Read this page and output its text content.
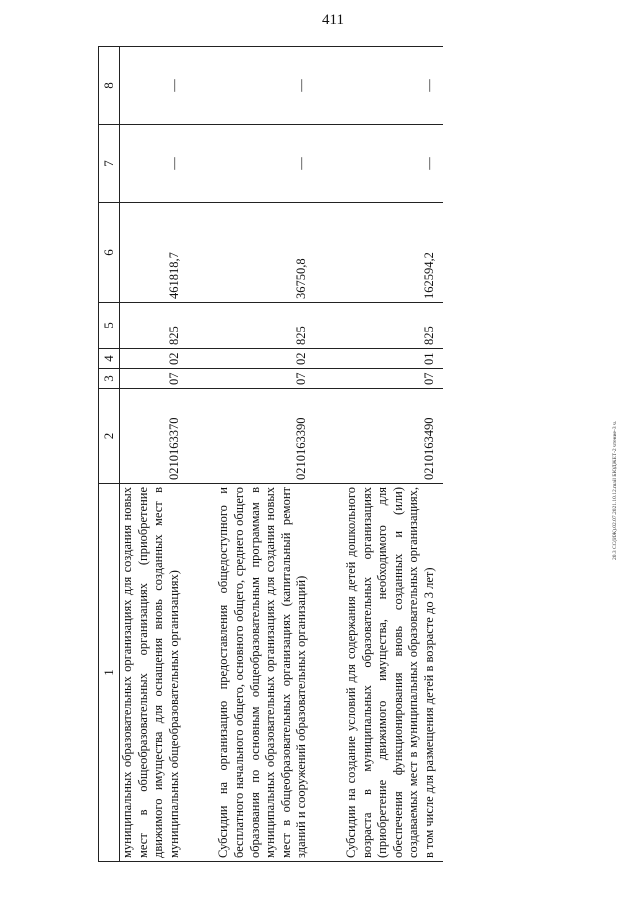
411
20.3 СС(ИЖ).02.07.2021.10.12.mail БЮДЖЕТ-2 чтение-3 ч.
1	2	3	4	5	6	7	8
муниципальных образовательных организациях для создания новых мест в общеобразовательных организациях (приобретение движимого имущества для оснащения вновь созданных мест в муниципальных общеобразовательных организациях)	0210163370	07	02	825	461818,7	—	—

Субсидии на организацию предоставления общедоступного и бесплатного начального общего, основного общего, среднего общего образования по основным общеобразовательным программам в муниципальных образовательных организациях для создания новых мест в общеобразовательных организациях (капитальный ремонт зданий и сооружений образовательных организаций)	0210163390	07	02	825	36750,8	—	—

Субсидии на создание условий для содержания детей дошкольного возраста в муниципальных образовательных организациях (приобретение движимого имущества, необходимого для обеспечения функционирования вновь созданных и (или) создаваемых мест в муниципальных образовательных организациях, в том числе для размещения детей в возрасте до 3 лет)	0210163490	07	01	825	162594,2	—	—
